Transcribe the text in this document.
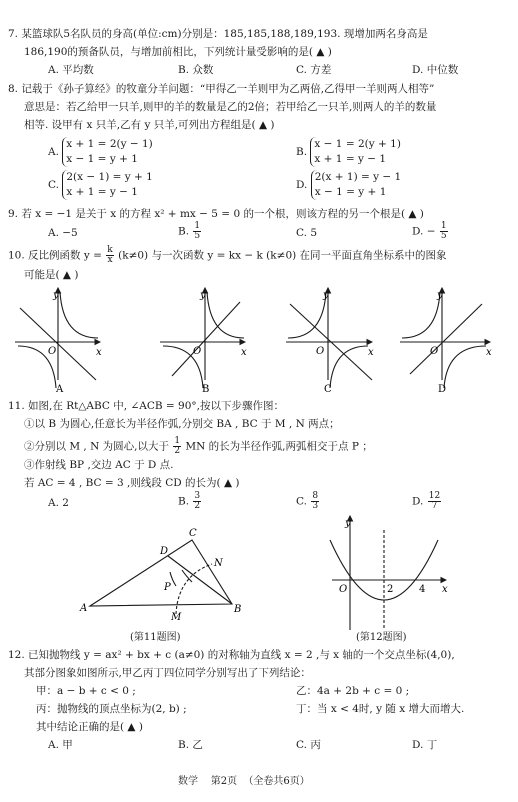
7. 某篮球队5名队员的身高(单位:cm)分别是：185,185,188,189,193. 现增加两名身高是
186,190的预备队员，与增加前相比，下列统计量受影响的是( ▲ )
A. 平均数	B. 众数	C. 方差	D. 中位数
8. 记载于《孙子算经》的牧童分羊问题：“甲得乙一羊则甲为乙两倍,乙得甲一羊则两人相等”
意思是：若乙给甲一只羊,则甲的羊的数量是乙的2倍；若甲给乙一只羊,则两人的羊的数量
相等. 设甲有 x 只羊,乙有 y 只羊,可列出方程组是( ▲ )
A.
x + 1 = 2(y − 1)
x − 1 = y + 1
B.
x − 1 = 2(y + 1)
x + 1 = y − 1
C.
2(x − 1) = y + 1
x + 1 = y − 1
D.
2(x + 1) = y − 1
x − 1 = y + 1
9. 若 x = −1 是关于 x 的方程 x² + mx − 5 = 0 的一个根，则该方程的另一个根是( ▲ )
A. −5	B. $\frac{1}{5}$	C. 5	D. − $\frac{1}{5}$
10. 反比例函数 $y = \frac{k}{x} (k\ne 0)$ 与一次函数 y = kx − k (k≠0) 在同一平面直角坐标系中的图象
可能是( ▲ )
y
x
O
A
y
x
O
B
y
x
O
C
y
x
O
D
11. 如图,在 Rt△ABC 中, ∠ACB = 90°,按以下步骤作图：
①以 B 为圆心,任意长为半径作弧,分别交 BA , BC 于 M , N 两点；
②分别以 M , N 为圆心,以大于 $\frac{1}{2}$ MN 的长为半径作弧,两弧相交于点 P ；
③作射线 BP ,交边 AC 于 D 点.
若 AC = 4 , BC = 3 ,则线段 CD 的长为( ▲ )
A. 2	B. $\frac{3}{2}$	C. $\frac{8}{3}$	D. $\frac{12}{7}$
A	B
C
D
M
N
P
y
x
O	2	4
(第11题图)	(第12题图)
12. 已知抛物线 y = ax² + bx + c (a≠0) 的对称轴为直线 x = 2 ,与 x 轴的一个交点坐标(4,0),
其部分图象如图所示,甲乙丙丁四位同学分别写出了下列结论：
甲：a − b + c < 0 ;	乙：4a + 2b + c = 0 ;
丙：抛物线的顶点坐标为(2, b) ;	丁：当 x < 4时, y 随 x 增大而增大.
其中结论正确的是( ▲ )
A. 甲	B. 乙	C. 丙	D. 丁
数学    第2页  （全卷共6页）
